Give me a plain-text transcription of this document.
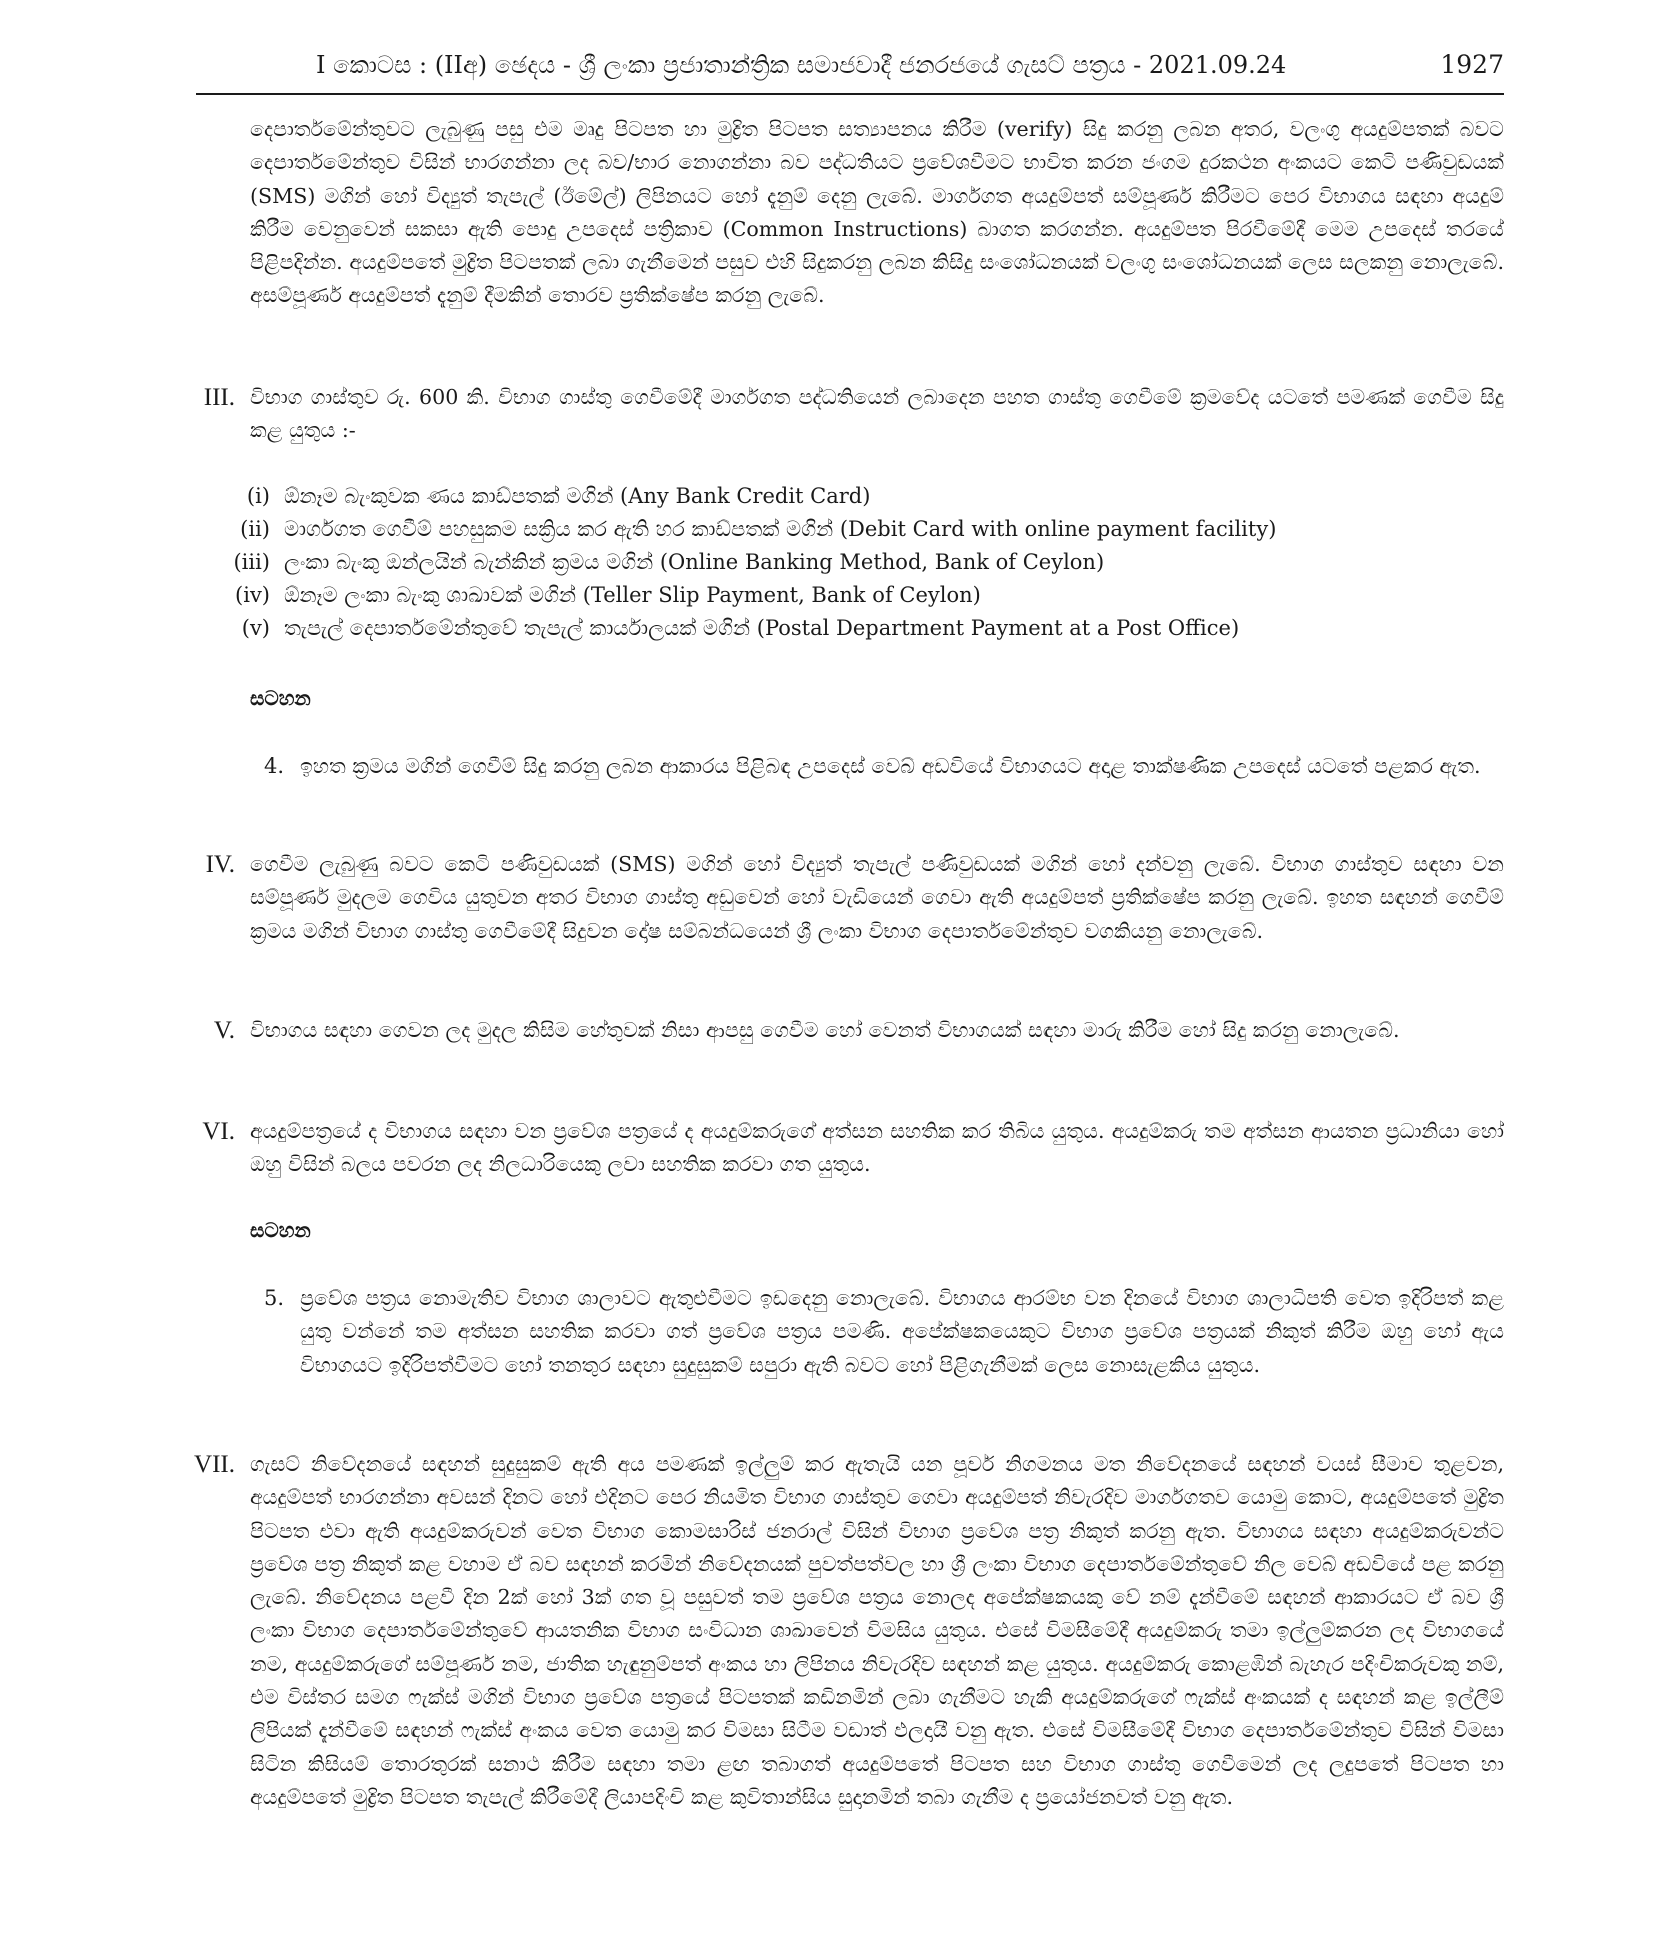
I කොටස : (IIඅ) ඡෙදය - ශ්‍රී ලංකා ප්‍රජාතාන්ත්‍රික සමාජවාදී ජනරජයේ ගැසට් පත්‍රය - 2021.09.24	1927
දෙපාර්තමේන්තුවට ලැබුණු පසු එම මෘදු පිටපත හා මුද්‍රිත පිටපත සත්‍යාපනය කිරීම (verify) සිදු කරනු ලබන අතර, වලංගු අයදුම්පතක් බවට දෙපාර්තමේන්තුව විසින් භාරගන්නා ලද බව/භාර නොගන්නා බව පද්ධතියට ප්‍රවේශවීමට භාවිත කරන ජංගම දුරකථන අංකයට කෙටි පණිවුඩයක් (SMS) මගින් හෝ විද්‍යුත් තැපැල් (ඊමේල්) ලිපිනයට හෝ දැනුම් දෙනු ලැබේ. මාර්ගගත අයදුම්පත් සම්පූර්ණ කිරීමට පෙර විභාගය සඳහා අයදුම් කිරීම වෙනුවෙන් සකසා ඇති පොදු උපදෙස් පත්‍රිකාව (Common Instructions) බාගත කරගන්න. අයදුම්පත පිරවීමේදී මෙම උපදෙස් තරයේ පිළිපදින්න. අයදුම්පතේ මුද්‍රිත පිටපතක් ලබා ගැනීමෙන් පසුව එහි සිදුකරනු ලබන කිසිදු සංශෝධනයක් වලංගු සංශෝධනයක් ලෙස සලකනු නොලැබේ. අසම්පූර්ණ අයදුම්පත් දැනුම් දීමකින් තොරව ප්‍රතික්ෂේප කරනු ලැබේ.
III. විභාග ගාස්තුව රු. 600 කි. විභාග ගාස්තු ගෙවීමේදී මාර්ගගත පද්ධතියෙන් ලබාදෙන පහත ගාස්තු ගෙවීමේ ක්‍රමවේද යටතේ පමණක් ගෙවීම සිදු කළ යුතුය :-
(i) ඕනෑම බැංකුවක ණය කාඩ්පතක් මගින් (Any Bank Credit Card)
(ii) මාර්ගගත ගෙවීම් පහසුකම සක්‍රිය කර ඇති හර කාඩ්පතක් මගින් (Debit Card with online payment facility)
(iii) ලංකා බැංකු ඔන්ලයින් බැන්කින් ක්‍රමය මගින් (Online Banking Method, Bank of Ceylon)
(iv) ඕනෑම ලංකා බැංකු ශාඛාවක් මගින් (Teller Slip Payment, Bank of Ceylon)
(v) තැපැල් දෙපාර්තමේන්තුවේ තැපැල් කාර්යාලයක් මගින් (Postal Department Payment at a Post Office)
සටහන
4. ඉහත ක්‍රමය මගින් ගෙවීම් සිදු කරනු ලබන ආකාරය පිළිබඳ උපදෙස් වෙබ් අඩවියේ විභාගයට අදාළ තාක්ෂණික උපදෙස් යටතේ පළකර ඇත.
IV. ගෙවීම ලැබුණු බවට කෙටි පණිවුඩයක් (SMS) මගින් හෝ විද්‍යුත් තැපැල් පණිවුඩයක් මගින් හෝ දන්වනු ලැබේ. විභාග ගාස්තුව සඳහා වන සම්පූර්ණ මුදලම ගෙවිය යුතුවන අතර විභාග ගාස්තු අඩුවෙන් හෝ වැඩියෙන් ගෙවා ඇති අයදුම්පත් ප්‍රතික්ෂේප කරනු ලැබේ. ඉහත සඳහන් ගෙවීම් ක්‍රමය මගින් විභාග ගාස්තු ගෙවීමේදී සිදුවන දෝෂ සම්බන්ධයෙන් ශ්‍රී ලංකා විභාග දෙපාර්තමේන්තුව වගකියනු නොලැබේ.
V. විභාගය සඳහා ගෙවන ලද මුදල කිසිම හේතුවක් නිසා ආපසු ගෙවීම හෝ වෙනත් විභාගයක් සඳහා මාරු කිරීම හෝ සිදු කරනු නොලැබේ.
VI. අයදුම්පත්‍රයේ ද විභාගය සඳහා වන ප්‍රවේශ පත්‍රයේ ද අයදුම්කරුගේ අත්සන සහතික කර තිබිය යුතුය. අයදුම්කරු තම අත්සන ආයතන ප්‍රධානියා හෝ ඔහු විසින් බලය පවරන ලද නිලධාරියෙකු ලවා සහතික කරවා ගත යුතුය.
සටහන
5. ප්‍රවේශ පත්‍රය නොමැතිව විභාග ශාලාවට ඇතුළුවීමට ඉඩදෙනු නොලැබේ. විභාගය ආරම්භ වන දිනයේ විභාග ශාලාධිපති වෙත ඉදිරිපත් කළ යුතු වන්නේ තම අත්සන සහතික කරවා ගත් ප්‍රවේශ පත්‍රය පමණි. අපේක්ෂකයෙකුට විභාග ප්‍රවේශ පත්‍රයක් නිකුත් කිරීම ඔහු හෝ ඇය විභාගයට ඉදිරිපත්වීමට හෝ තනතුර සඳහා සුදුසුකම් සපුරා ඇති බවට හෝ පිළිගැනීමක් ලෙස නොසැළකිය යුතුය.
VII. ගැසට් නිවේදනයේ සඳහන් සුදුසුකම් ඇති අය පමණක් ඉල්ලුම් කර ඇතැයි යන පූර්ව නිගමනය මත නිවේදනයේ සඳහන් වයස් සීමාව තුළවන, අයදුම්පත් භාරගන්නා අවසන් දිනට හෝ එදිනට පෙර නියමිත විභාග ගාස්තුව ගෙවා අයදුම්පත් නිවැරදිව මාර්ගගතව යොමු කොට, අයදුම්පතේ මුද්‍රිත පිටපත එවා ඇති අයදුම්කරුවන් වෙත විභාග කොමසාරිස් ජනරාල් විසින් විභාග ප්‍රවේශ පත්‍ර නිකුත් කරනු ඇත. විභාගය සඳහා අයදුම්කරුවන්ට ප්‍රවේශ පත්‍ර නිකුත් කළ වහාම ඒ බව සඳහන් කරමින් නිවේදනයක් පුවත්පත්වල හා ශ්‍රී ලංකා විභාග දෙපාර්තමේන්තුවේ නිල වෙබ් අඩවියේ පළ කරනු ලැබේ. නිවේදනය පළවී දින 2ක් හෝ 3ක් ගත වූ පසුවත් තම ප්‍රවේශ පත්‍රය නොලද අපේක්ෂකයකු වේ නම් දැන්වීමේ සඳහන් ආකාරයට ඒ බව ශ්‍රී ලංකා විභාග දෙපාර්තමේන්තුවේ ආයතනික විභාග සංවිධාන ශාඛාවෙන් විමසිය යුතුය. එසේ විමසීමේදී අයදුම්කරු තමා ඉල්ලුම්කරන ලද විභාගයේ නම, අයදුම්කරුගේ සම්පූර්ණ නම, ජාතික හැඳුනුම්පත් අංකය හා ලිපිනය නිවැරදිව සඳහන් කළ යුතුය. අයදුම්කරු කොළඹින් බැහැර පදිංචිකරුවකු නම්, එම විස්තර සමග ෆැක්ස් මගින් විභාග ප්‍රවේශ පත්‍රයේ පිටපතක් කඩිනමින් ලබා ගැනීමට හැකි අයදුම්කරුගේ ෆැක්ස් අංකයක් ද සඳහන් කළ ඉල්ලීම් ලිපියක් දැන්වීමේ සඳහන් ෆැක්ස් අංකය වෙත යොමු කර විමසා සිටීම වඩාත් ඵලදායී වනු ඇත. එසේ විමසීමේදී විභාග දෙපාර්තමේන්තුව විසින් විමසා සිටින කිසියම් තොරතුරක් සනාථ කිරීම සඳහා තමා ළඟ තබාගත් අයදුම්පතේ පිටපත සහ විභාග ගාස්තු ගෙවීමෙන් ලද ලදුපතේ පිටපත හා අයදුම්පතේ මුද්‍රිත පිටපත තැපැල් කිරීමේදී ලියාපදිංචි කළ කුවිතාන්සිය සුදානමින් තබා ගැනීම ද ප්‍රයෝජනවත් වනු ඇත.
